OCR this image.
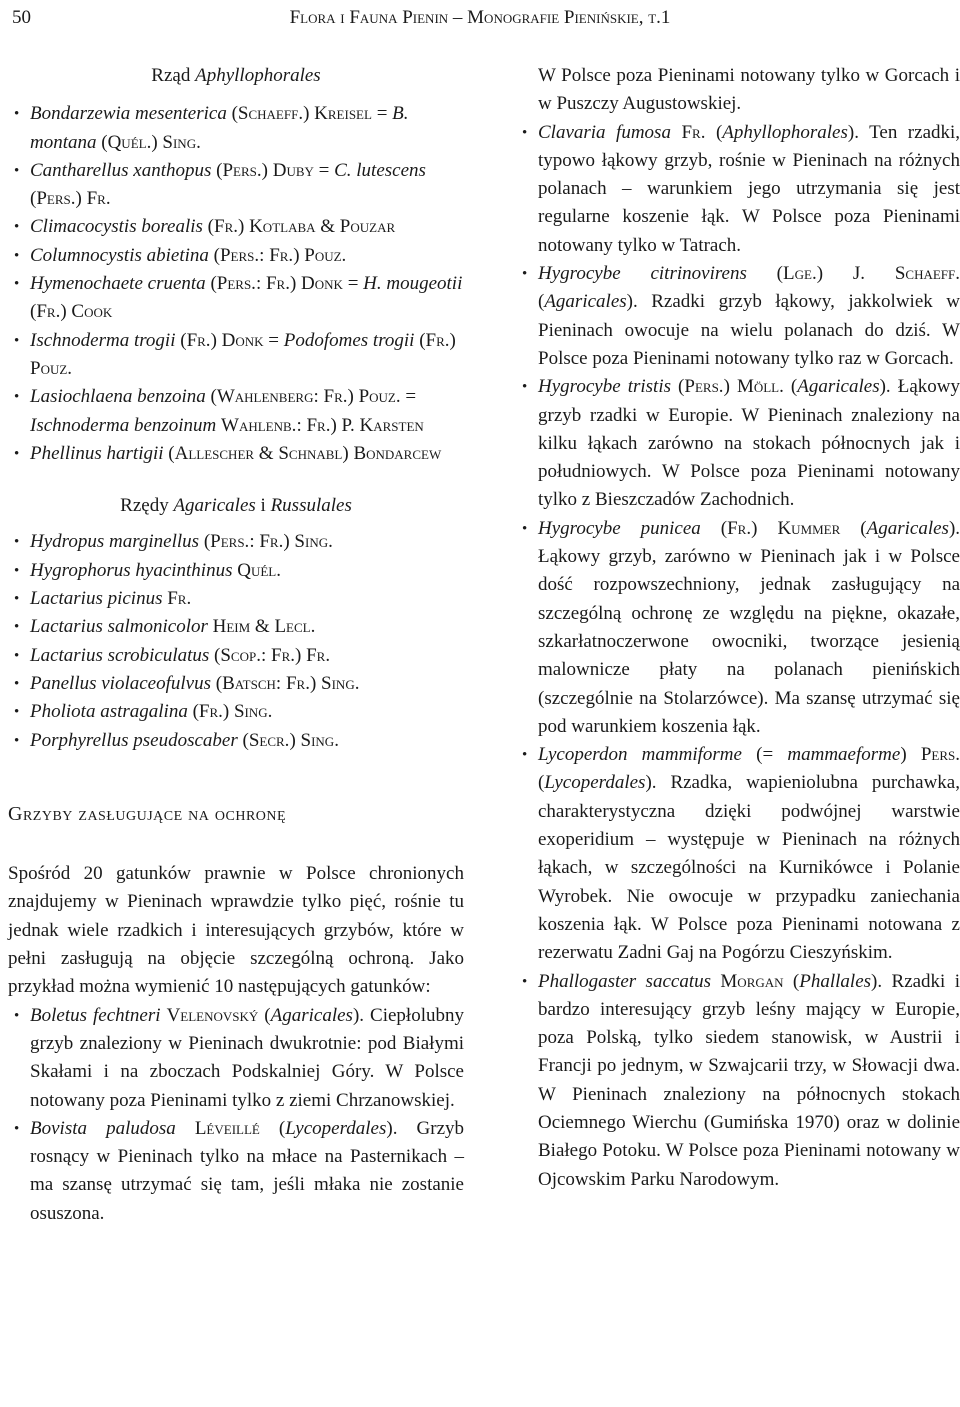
50	Flora i Fauna Pienin – Monografie Pienińskie, t.1
Rząd Aphyllophorales
• Bondarzewia mesenterica (Schaeff.) Kreisel = B. montana (Quél.) Sing.
• Cantharellus xanthopus (Pers.) Duby = C. lutescens (Pers.) Fr.
• Climacocystis borealis (Fr.) Kotlaba & Pouzar
• Columnocystis abietina (Pers.: Fr.) Pouz.
• Hymenochaete cruenta (Pers.: Fr.) Donk = H. mougeotii (Fr.) Cook
• Ischnoderma trogii (Fr.) Donk = Podofomes trogii (Fr.) Pouz.
• Lasiochlaena benzoina (Wahlenberg: Fr.) Pouz. = Ischnoderma benzoinum Wahlenb.: Fr.) P. Karsten
• Phellinus hartigii (Allescher & Schnabl) Bondarcew
Rzędy Agaricales i Russulales
• Hydropus marginellus (Pers.: Fr.) Sing.
• Hygrophorus hyacinthinus Quél.
• Lactarius picinus Fr.
• Lactarius salmonicolor Heim & Lecl.
• Lactarius scrobiculatus (Scop.: Fr.) Fr.
• Panellus violaceofulvus (Batsch: Fr.) Sing.
• Pholiota astragalina (Fr.) Sing.
• Porphyrellus pseudoscaber (Secr.) Sing.
Grzyby zasługujące na ochronę

Spośród 20 gatunków prawnie w Polsce chronionych znajdujemy w Pieninach wprawdzie tylko pięć, rośnie tu jednak wiele rzadkich i interesujących grzybów, które w pełni zasługują na objęcie szczególną ochroną. Jako przykład można wymienić 10 następujących gatunków:

• Boletus fechtneri Velenovský (Agaricales). Ciepłolubny grzyb znaleziony w Pieninach dwukrotnie: pod Białymi Skałami i na zboczach Podskalniej Góry. W Polsce notowany poza Pieninami tylko z ziemi Chrzanowskiej.
• Bovista paludosa Léveillé (Lycoperdales). Grzyb rosnący w Pieninach tylko na młace na Pasternikach – ma szansę utrzymać się tam, jeśli młaka nie zostanie osuszona.

W Polsce poza Pieninami notowany tylko w Gorcach i w Puszczy Augustowskiej.

• Clavaria fumosa Fr. (Aphyllophorales). Ten rzadki, typowo łąkowy grzyb, rośnie w Pieninach na różnych polanach – warunkiem jego utrzymania się jest regularne koszenie łąk. W Polsce poza Pieninami notowany tylko w Tatrach.
• Hygrocybe citrinovirens (Lge.) J. Schaeff. (Agaricales). Rzadki grzyb łąkowy, jakkolwiek w Pieninach owocuje na wielu polanach do dziś. W Polsce poza Pieninami notowany tylko raz w Gorcach.
• Hygrocybe tristis (Pers.) Möll. (Agaricales). Łąkowy grzyb rzadki w Europie. W Pieninach znaleziony na kilku łąkach zarówno na stokach północnych jak i południowych. W Polsce poza Pieninami notowany tylko z Bieszczadów Zachodnich.
• Hygrocybe punicea (Fr.) Kummer (Agaricales). Łąkowy grzyb, zarówno w Pieninach jak i w Polsce dość rozpowszechniony, jednak zasługujący na szczególną ochronę ze względu na piękne, okazałe, szkarłatnoczerwone owocniki, tworzące jesienią malownicze płaty na polanach pienińskich (szczególnie na Stolarzówce). Ma szansę utrzymać się pod warunkiem koszenia łąk.
• Lycoperdon mammiforme (= mammaeforme) Pers. (Lycoperdales). Rzadka, wapieniolubna purchawka, charakterystyczna dzięki podwójnej warstwie exoperidium – występuje w Pieninach na różnych łąkach, w szczególności na Kurnikówce i Polanie Wyrobek. Nie owocuje w przypadku zaniechania koszenia łąk. W Polsce poza Pieninami notowana z rezerwatu Zadni Gaj na Pogórzu Cieszyńskim.
• Phallogaster saccatus Morgan (Phallales). Rzadki i bardzo interesujący grzyb leśny mający w Europie, poza Polską, tylko siedem stanowisk, w Austrii i Francji po jednym, w Szwajcarii trzy, w Słowacji dwa. W Pieninach znaleziony na północnych stokach Ociemnego Wierchu (Gumińska 1970) oraz w dolinie Białego Potoku. W Polsce poza Pieninami notowany w Ojcowskim Parku Narodowym.
